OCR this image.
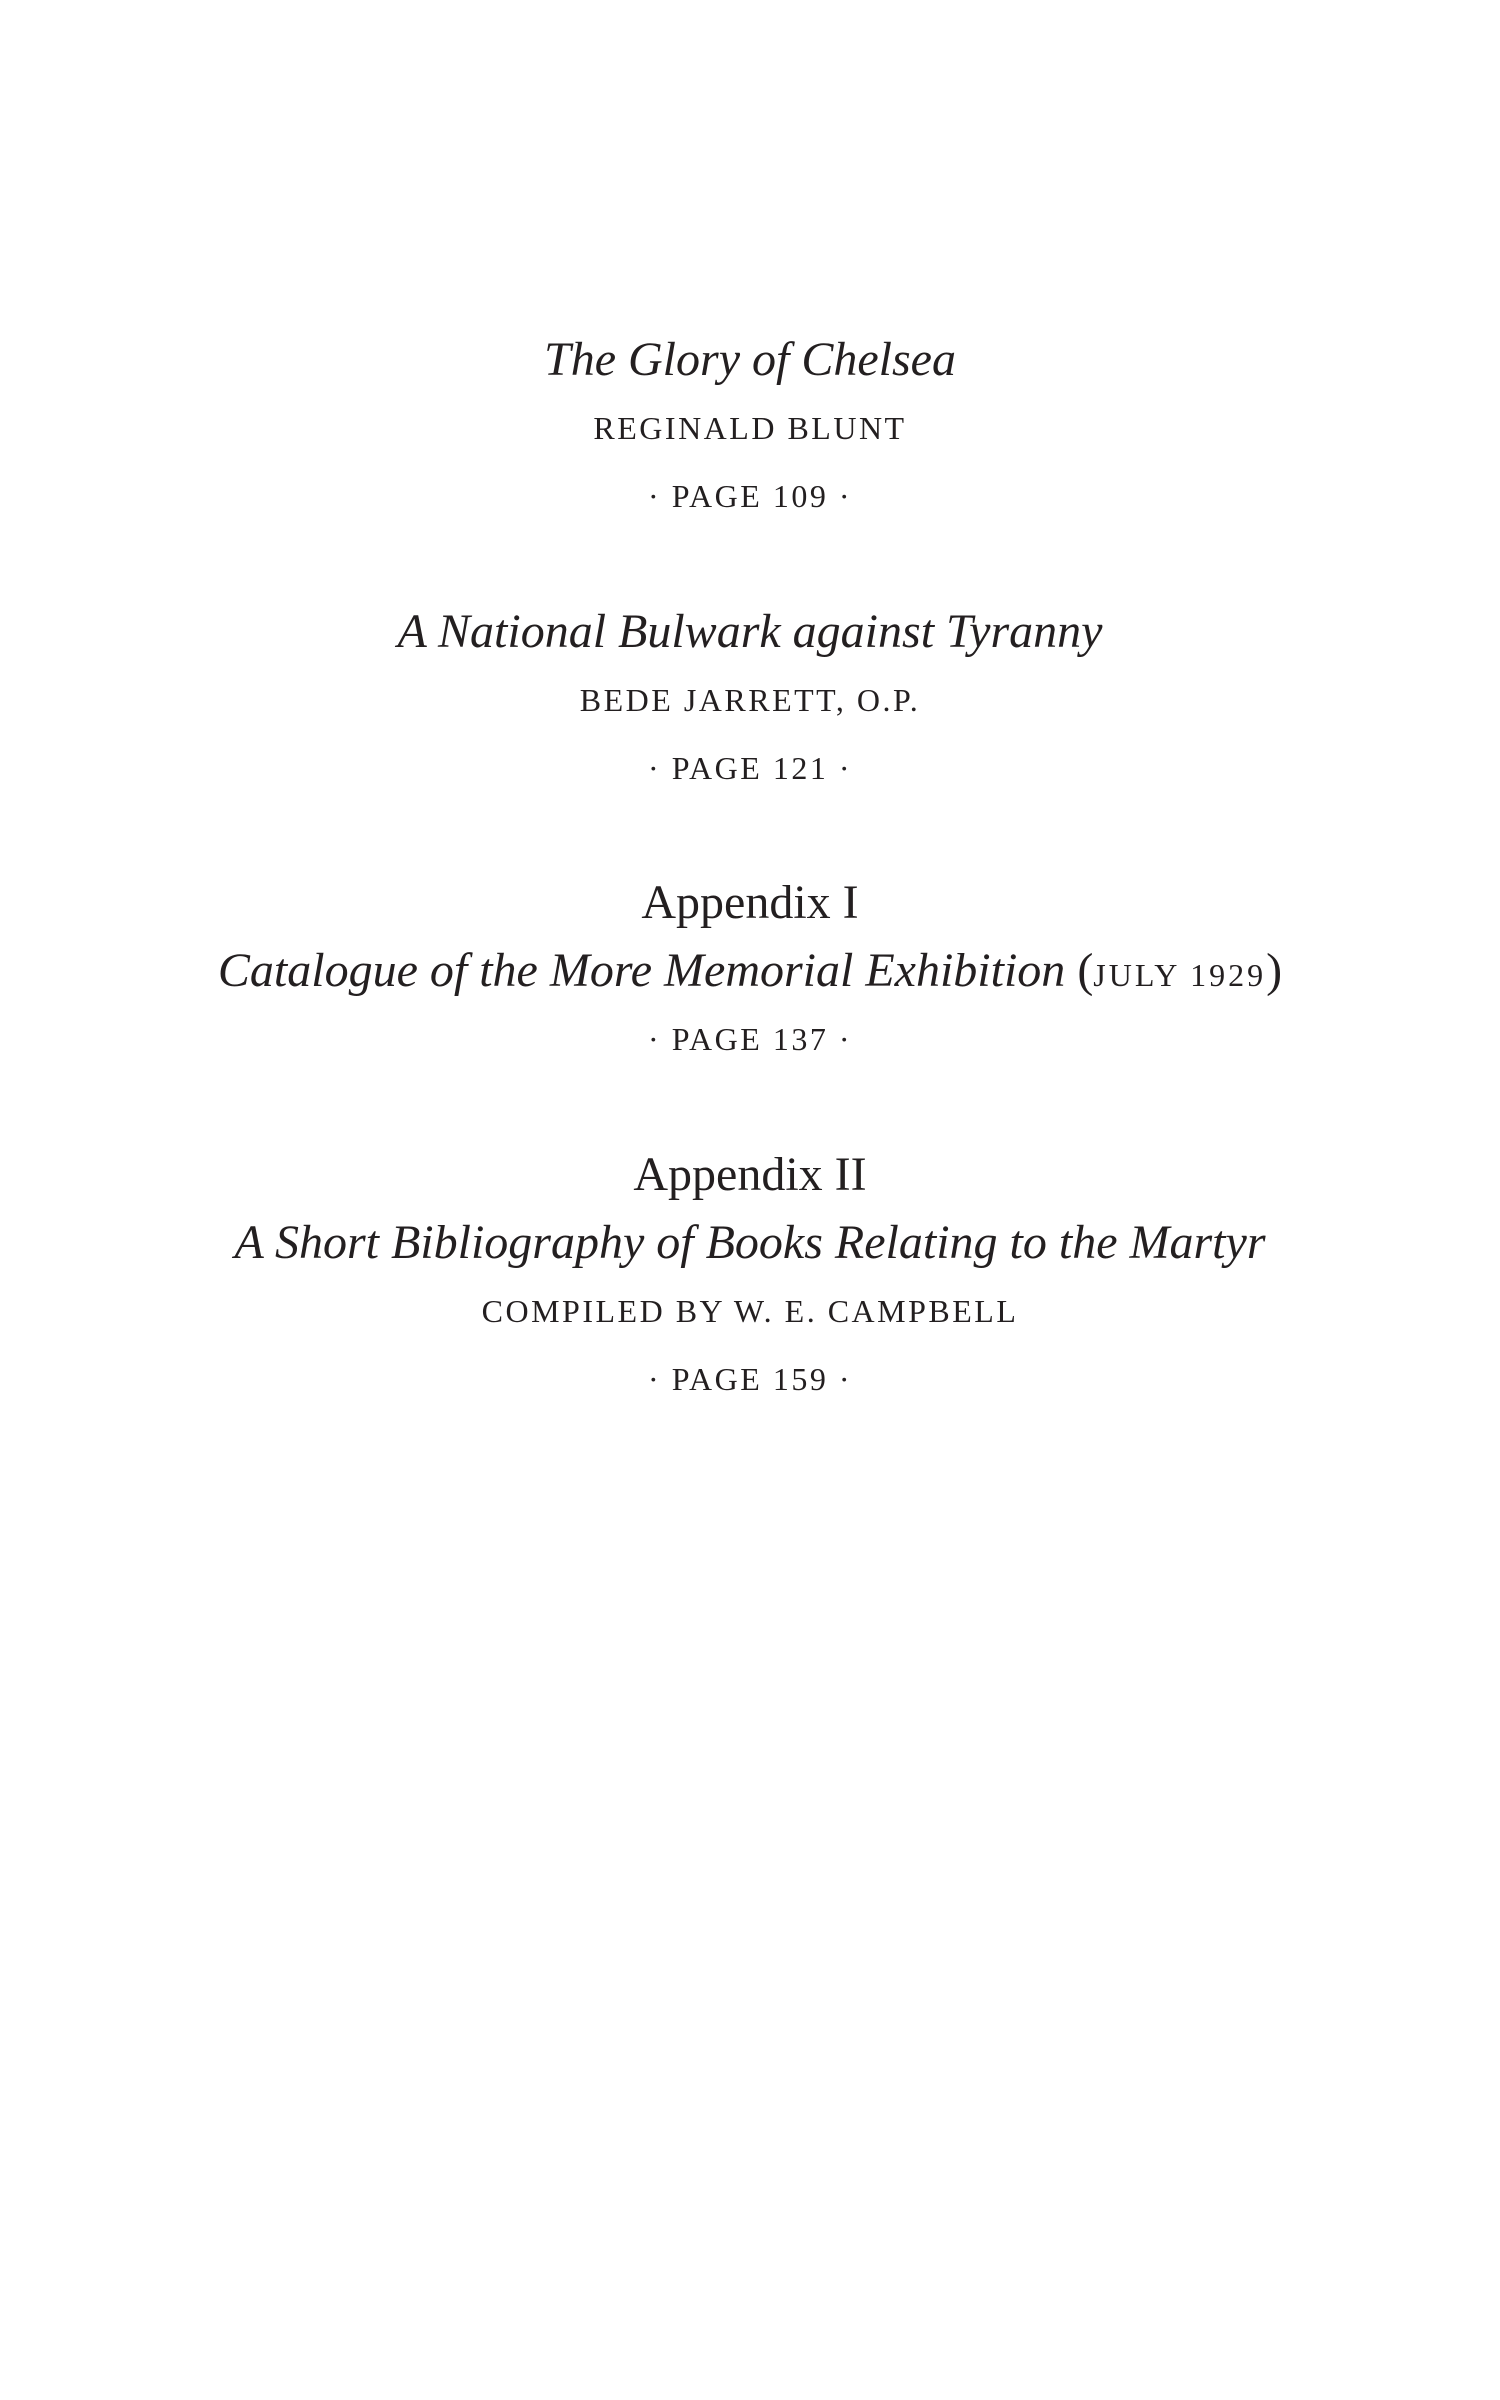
The Glory of Chelsea
REGINALD BLUNT
· PAGE 109 ·
A National Bulwark against Tyranny
BEDE JARRETT, O.P.
· PAGE 121 ·
Appendix I
Catalogue of the More Memorial Exhibition (JULY 1929)
· PAGE 137 ·
Appendix II
A Short Bibliography of Books Relating to the Martyr
COMPILED BY W. E. CAMPBELL
· PAGE 159 ·
